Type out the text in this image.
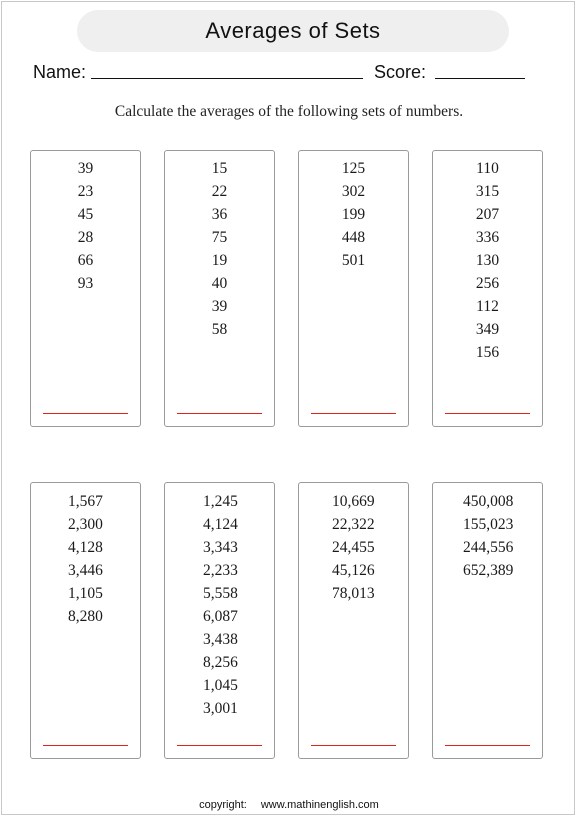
Averages of Sets
Name:	Score:
Calculate the averages of the following sets of numbers.
39
23
45
28
66
93
15
22
36
75
19
40
39
58
125
302
199
448
501
110
315
207
336
130
256
112
349
156
1,567
2,300
4,128
3,446
1,105
8,280
1,245
4,124
3,343
2,233
5,558
6,087
3,438
8,256
1,045
3,001
10,669
22,322
24,455
45,126
78,013
450,008
155,023
244,556
652,389
copyright: www.mathinenglish.com
